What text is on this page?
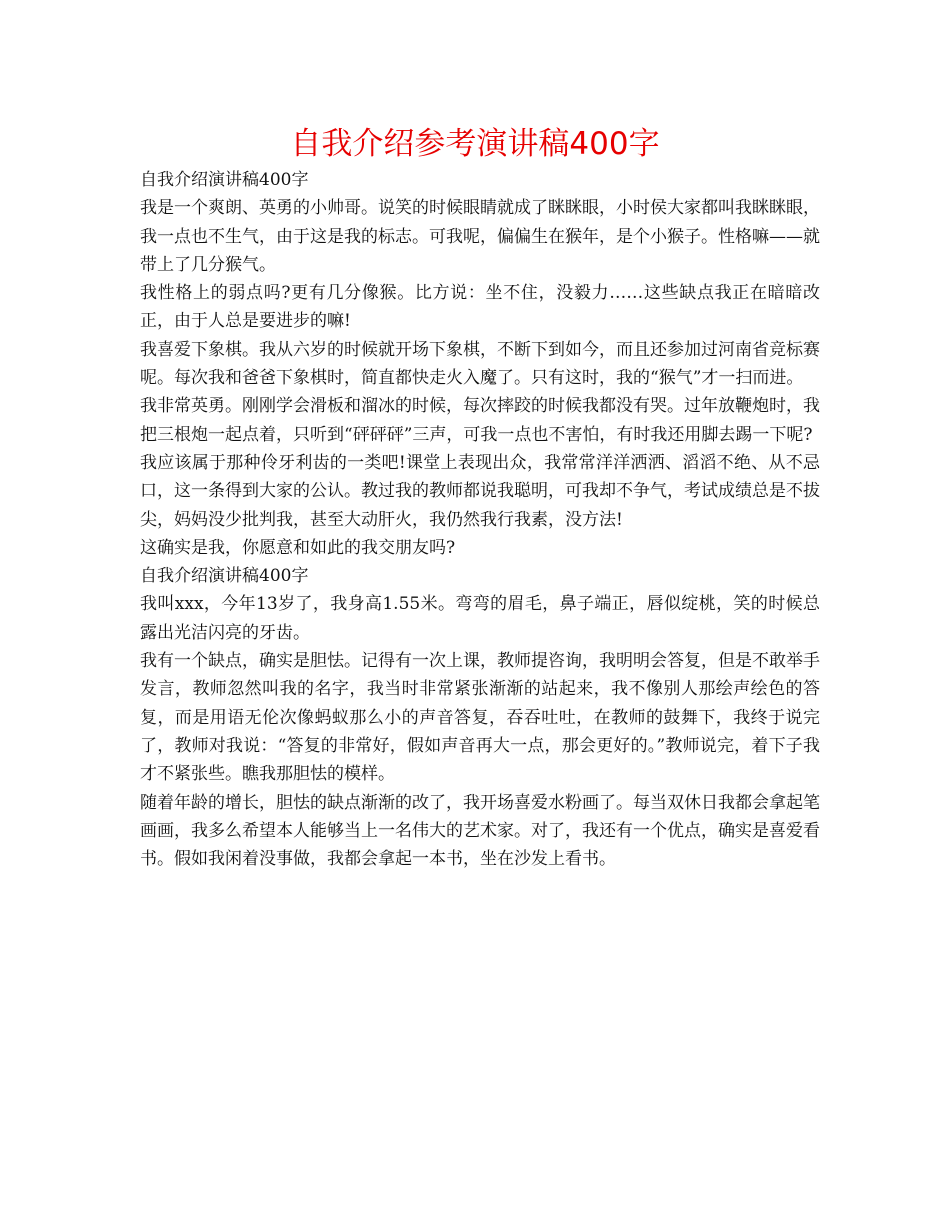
自我介绍参考演讲稿400字

自我介绍演讲稿400字

我是一个爽朗、英勇的小帅哥。说笑的时候眼睛就成了眯眯眼，小时侯大家都叫我眯眯眼，我一点也不生气，由于这是我的标志。可我呢，偏偏生在猴年，是个小猴子。性格嘛——就带上了几分猴气。

我性格上的弱点吗?更有几分像猴。比方说：坐不住，没毅力……这些缺点我正在暗暗改正，由于人总是要进步的嘛!

我喜爱下象棋。我从六岁的时候就开场下象棋，不断下到如今，而且还参加过河南省竞标赛呢。每次我和爸爸下象棋时，简直都快走火入魔了。只有这时，我的“猴气”才一扫而进。

我非常英勇。刚刚学会滑板和溜冰的时候，每次摔跤的时候我都没有哭。过年放鞭炮时，我把三根炮一起点着，只听到“砰砰砰”三声，可我一点也不害怕，有时我还用脚去踢一下呢?

我应该属于那种伶牙利齿的一类吧!课堂上表现出众，我常常洋洋洒洒、滔滔不绝、从不忌口，这一条得到大家的公认。教过我的教师都说我聪明，可我却不争气，考试成绩总是不拔尖，妈妈没少批判我，甚至大动肝火，我仍然我行我素，没方法!

这确实是我，你愿意和如此的我交朋友吗?

自我介绍演讲稿400字

我叫xxx，今年13岁了，我身高1.55米。弯弯的眉毛，鼻子端正，唇似绽桃，笑的时候总露出光洁闪亮的牙齿。

我有一个缺点，确实是胆怯。记得有一次上课，教师提咨询，我明明会答复，但是不敢举手发言，教师忽然叫我的名字，我当时非常紧张渐渐的站起来，我不像别人那绘声绘色的答复，而是用语无伦次像蚂蚁那么小的声音答复，吞吞吐吐，在教师的鼓舞下，我终于说完了，教师对我说：“答复的非常好，假如声音再大一点，那会更好的。”教师说完，着下子我才不紧张些。瞧我那胆怯的模样。

随着年龄的增长，胆怯的缺点渐渐的改了，我开场喜爱水粉画了。每当双休日我都会拿起笔画画，我多么希望本人能够当上一名伟大的艺术家。对了，我还有一个优点，确实是喜爱看书。假如我闲着没事做，我都会拿起一本书，坐在沙发上看书。
